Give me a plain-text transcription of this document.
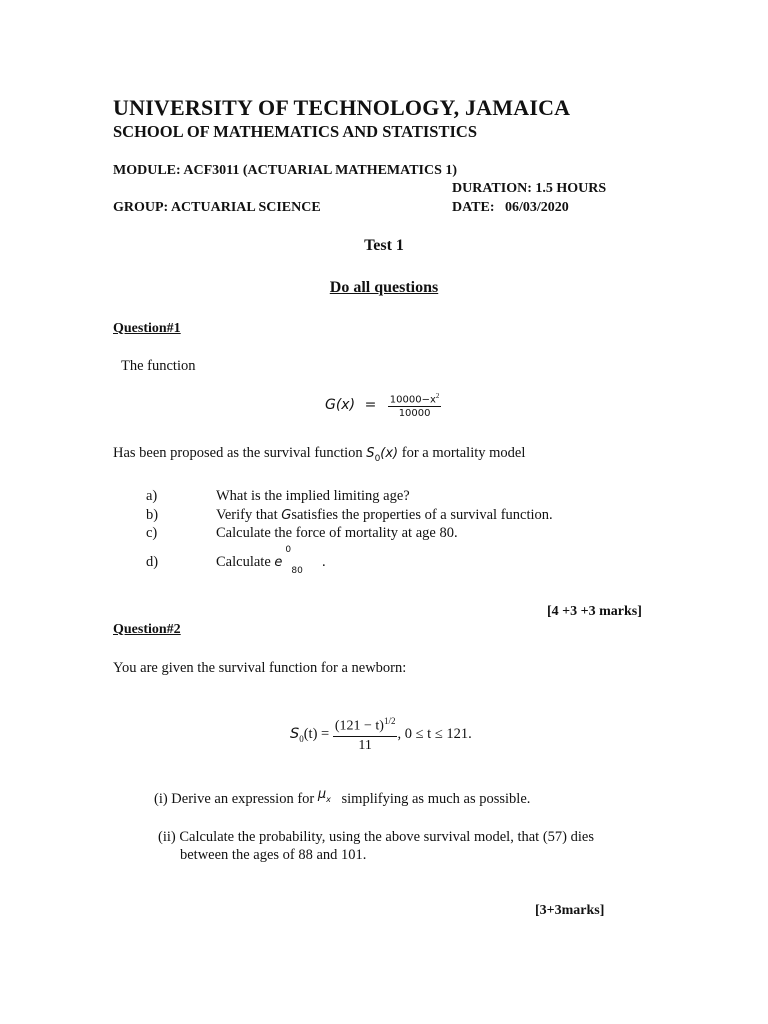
UNIVERSITY OF TECHNOLOGY, JAMAICA
SCHOOL OF MATHEMATICS AND STATISTICS
MODULE: ACF3011 (ACTUARIAL MATHEMATICS 1)
DURATION: 1.5 HOURS
GROUP: ACTUARIAL SCIENCE	DATE: 06/03/2020
Test 1
Do all questions
Question#1
The function
$G(x) = \frac{10000-x^2}{10000}$
Has been proposed as the survival function $S_0(x)$ for a mortality model
a)	What is the implied limiting age?
b)	Verify that Gsatisfies the properties of a survival function.
c)	Calculate the force of mortality at age 80.
d)	Calculate e
0
80
.
[4 +3 +3 marks]
Question#2
You are given the survival function for a newborn:
$S_0(t) = \frac{(121 - t)^{1/2}}{11}$ , 0 ≤ t ≤ 121.
(i) Derive an expression for $\mu_x$ simplifying as much as possible.
(ii) Calculate the probability, using the above survival model, that (57) dies
between the ages of 88 and 101.
[3+3marks]
